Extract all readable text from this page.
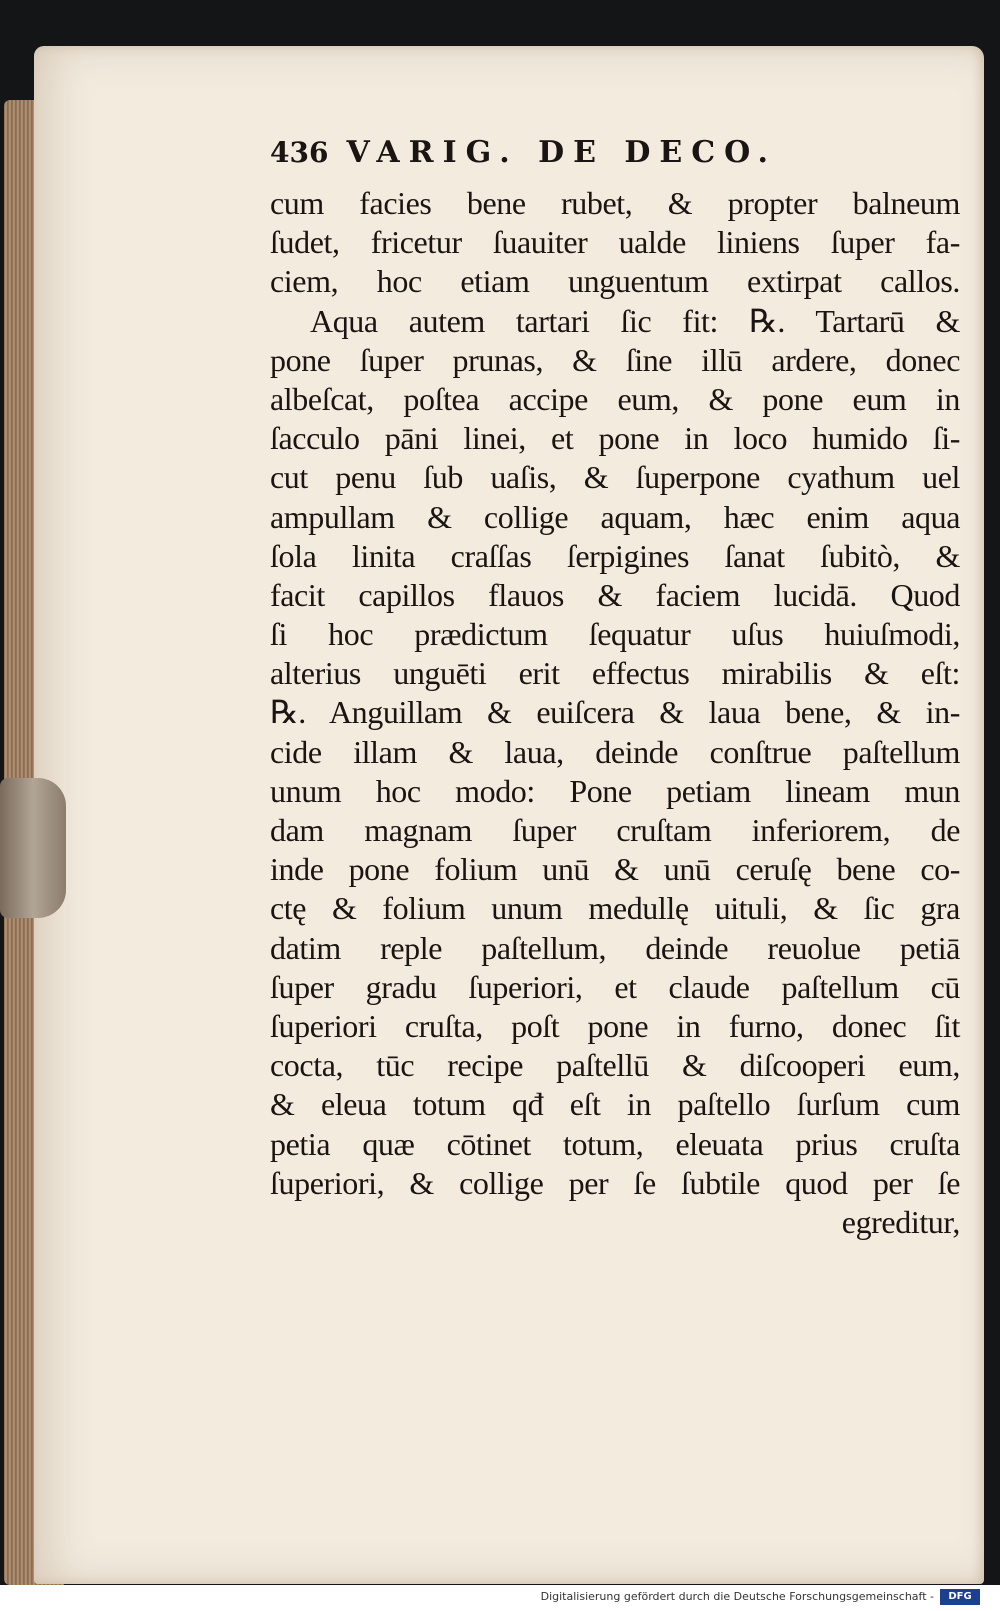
436 VARIG. DE DECO.
cum facies bene rubet, & propter balneum
ſudet, fricetur ſuauiter ualde liniens ſuper fa-
ciem, hoc etiam unguentum extirpat callos.
Aqua autem tartari ſic fit: ℞. Tartarū &
pone ſuper prunas, & ſine illū ardere, donec
albeſcat, poſtea accipe eum, & pone eum in
ſacculo pāni linei, et pone in loco humido ſi-
cut penu ſub uaſis, & ſuperpone cyathum uel
ampullam & collige aquam, hæc enim aqua
ſola linita craſſas ſerpigines ſanat ſubitò, &
facit capillos flauos & faciem lucidā. Quod
ſi hoc prædictum ſequatur uſus huiuſmodi,
alterius unguēti erit effectus mirabilis & eſt:
℞. Anguillam & euiſcera & laua bene, & in-
cide illam & laua, deinde conſtrue paſtellum
unum hoc modo: Pone petiam lineam mun
dam magnam ſuper cruſtam inferiorem, de
inde pone folium unū & unū ceruſę bene co-
ctę & folium unum medullę uituli, & ſic gra
datim reple paſtellum, deinde reuolue petiā
ſuper gradu ſuperiori, et claude paſtellum cū
ſuperiori cruſta, poſt pone in furno, donec ſit
cocta, tūc recipe paſtellū & diſcooperi eum,
& eleua totum qđ eſt in paſtello ſurſum cum
petia quæ cōtinet totum, eleuata prius cruſta
ſuperiori, & collige per ſe ſubtile quod per ſe
egreditur,
Digitalisierung gefördert durch die Deutsche Forschungsgemeinschaft -	DFG
